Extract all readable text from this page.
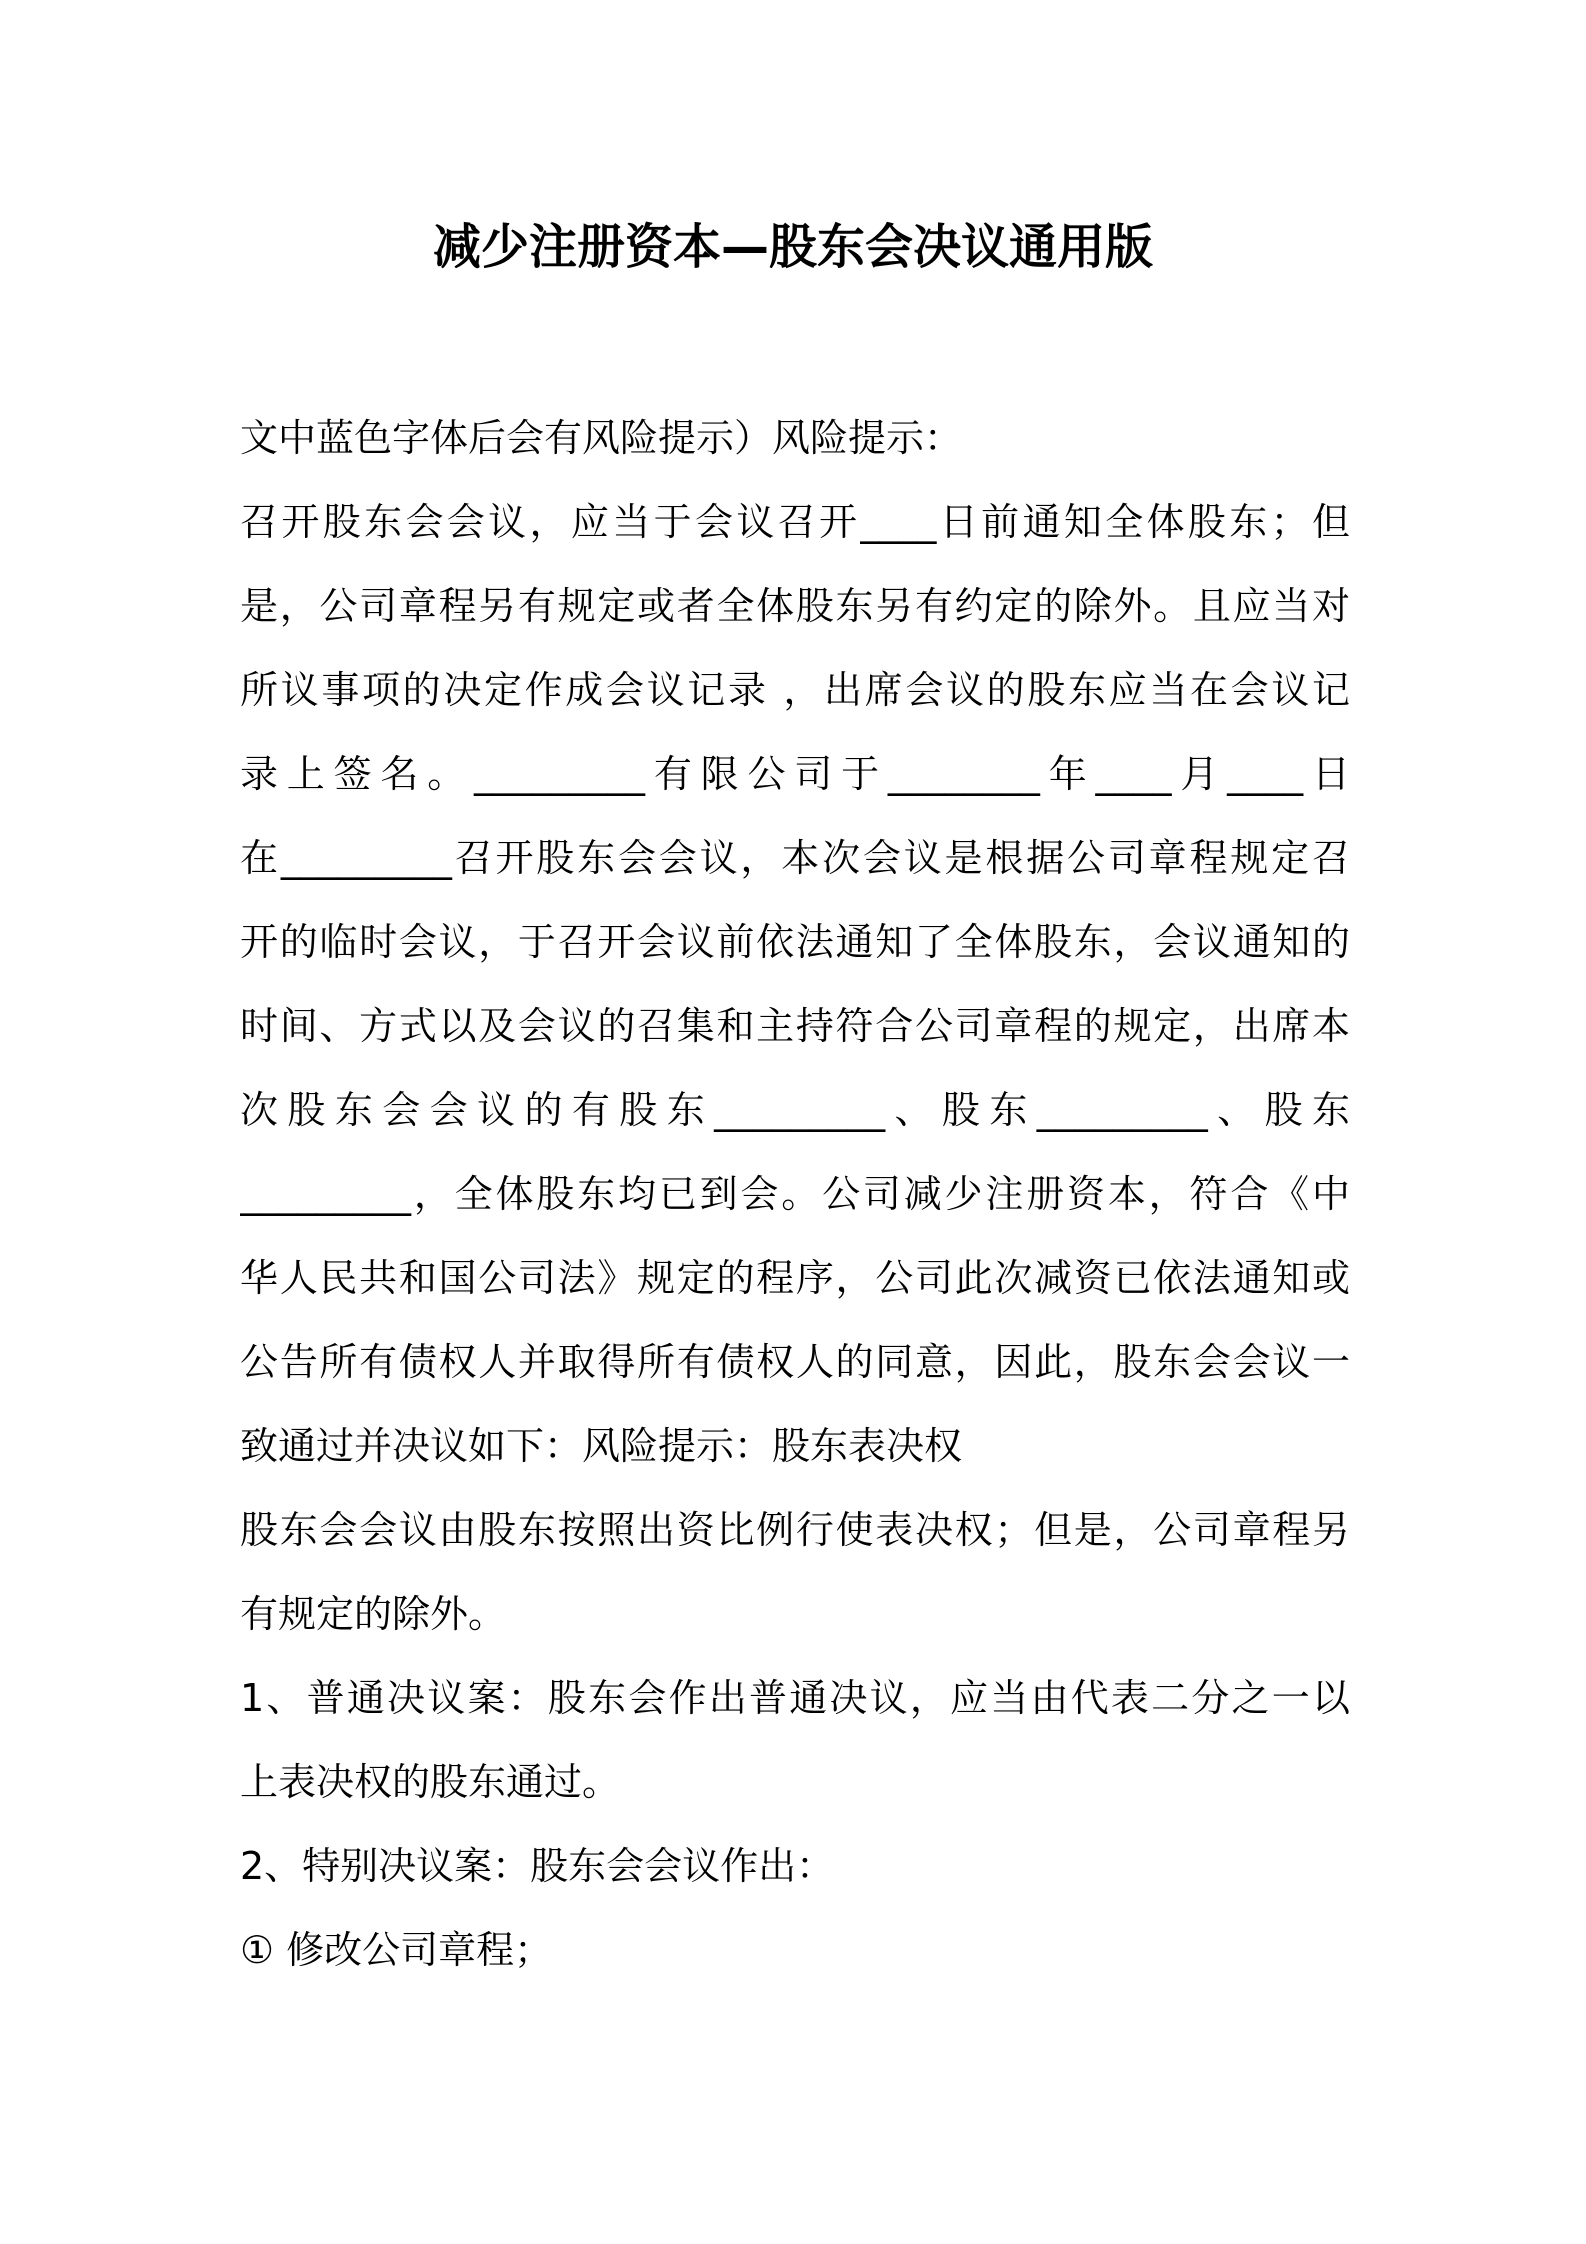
减少注册资本—股东会决议通用版
文中蓝色字体后会有风险提示）风险提示：
召开股东会会议，应当于会议召开____日前通知全体股东；但
是，公司章程另有规定或者全体股东另有约定的除外。且应当对
所议事项的决定作成会议记录 ，出席会议的股东应当在会议记
录上签名。_________有限公司于________年____月____日
在_________召开股东会会议，本次会议是根据公司章程规定召
开的临时会议，于召开会议前依法通知了全体股东，会议通知的
时间、方式以及会议的召集和主持符合公司章程的规定，出席本
次股东会会议的有股东_________、股东_________、股东
_________，全体股东均已到会。公司减少注册资本，符合《中
华人民共和国公司法》规定的程序，公司此次减资已依法通知或
公告所有债权人并取得所有债权人的同意，因此，股东会会议一
致通过并决议如下：风险提示：股东表决权
股东会会议由股东按照出资比例行使表决权；但是，公司章程另
有规定的除外。
1、普通决议案：股东会作出普通决议，应当由代表二分之一以
上表决权的股东通过。
2、特别决议案：股东会会议作出：
① 修改公司章程；
